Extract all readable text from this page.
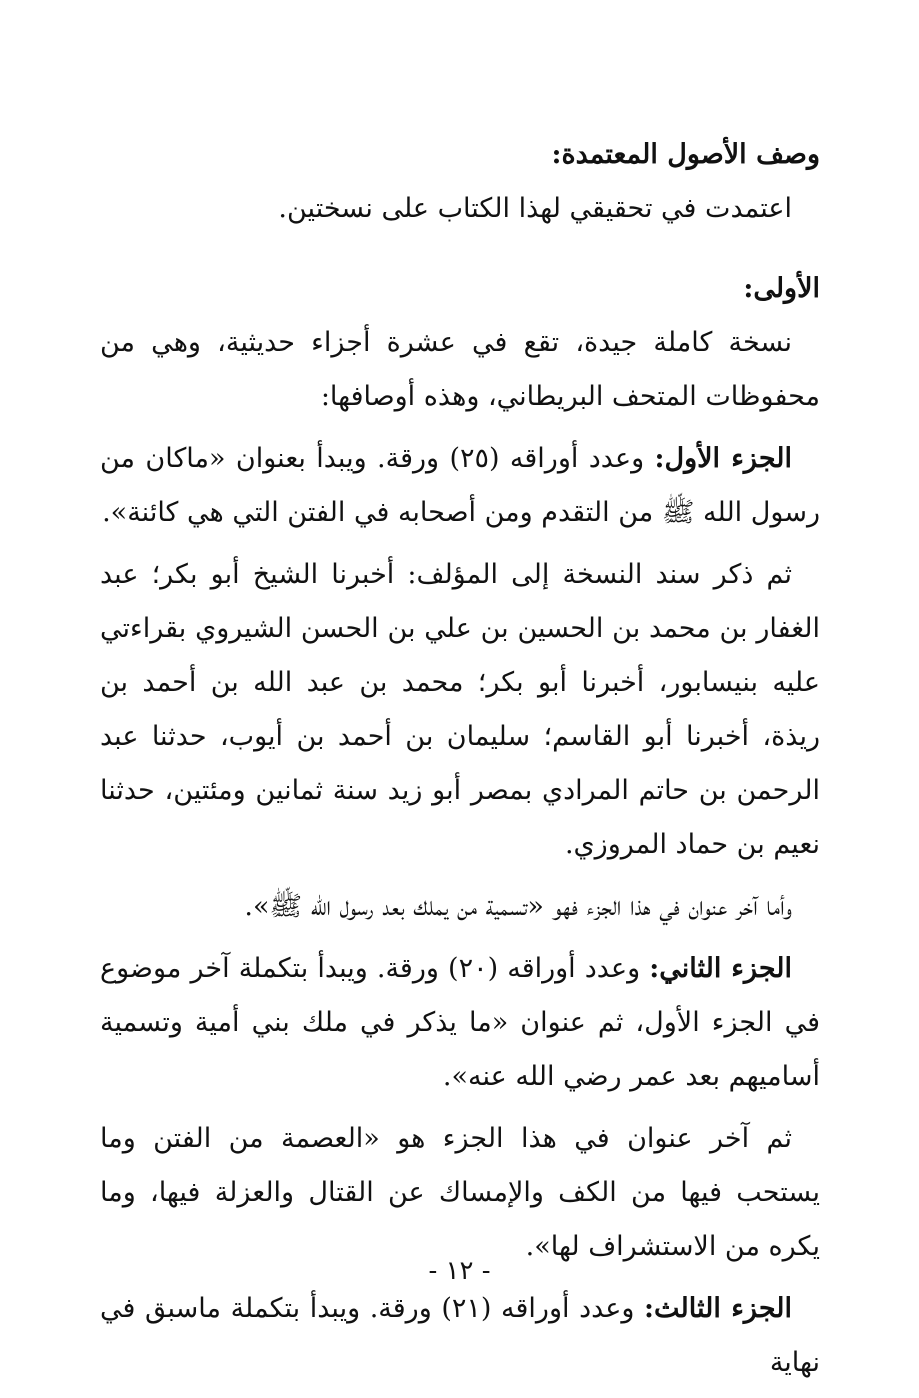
وصف الأصول المعتمدة:

اعتمدت في تحقيقي لهذا الكتاب على نسختين.

الأولى:

نسخة كاملة جيدة، تقع في عشرة أجزاء حديثية، وهي من محفوظات المتحف البريطاني، وهذه أوصافها:

الجزء الأول: وعدد أوراقه (٢٥) ورقة. ويبدأ بعنوان «ماكان من رسول الله ﷺ من التقدم ومن أصحابه في الفتن التي هي كائنة».

ثم ذكر سند النسخة إلى المؤلف: أخبرنا الشيخ أبو بكر؛ عبد الغفار بن محمد بن الحسين بن علي بن الحسن الشيروي بقراءتي عليه بنيسابور، أخبرنا أبو بكر؛ محمد بن عبد الله بن أحمد بن ريذة، أخبرنا أبو القاسم؛ سليمان بن أحمد بن أيوب، حدثنا عبد الرحمن بن حاتم المرادي بمصر أبو زيد سنة ثمانين ومئتين، حدثنا نعيم بن حماد المروزي.

وأما آخر عنوان في هذا الجزء فهو «تسمية من يملك بعد رسول الله ﷺ».

الجزء الثاني: وعدد أوراقه (٢٠) ورقة. ويبدأ بتكملة آخر موضوع في الجزء الأول، ثم عنوان «ما يذكر في ملك بني أمية وتسمية أساميهم بعد عمر رضي الله عنه».

ثم آخر عنوان في هذا الجزء هو «العصمة من الفتن وما يستحب فيها من الكف والإمساك عن القتال والعزلة فيها، وما يكره من الاستشراف لها».

الجزء الثالث: وعدد أوراقه (٢١) ورقة. ويبدأ بتكملة ماسبق في نهاية

- ١٢ -
